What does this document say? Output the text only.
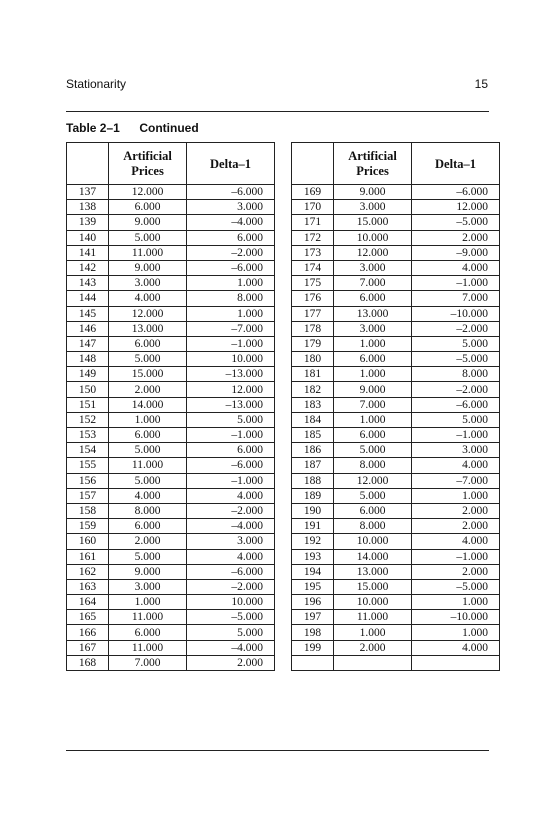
Stationarity	15
Table 2–1 Continued

	Artificial
Prices	Delta–1
137	12.000	–6.000
138	6.000	3.000
139	9.000	–4.000
140	5.000	6.000
141	11.000	–2.000
142	9.000	–6.000
143	3.000	1.000
144	4.000	8.000
145	12.000	1.000
146	13.000	–7.000
147	6.000	–1.000
148	5.000	10.000
149	15.000	–13.000
150	2.000	12.000
151	14.000	–13.000
152	1.000	5.000
153	6.000	–1.000
154	5.000	6.000
155	11.000	–6.000
156	5.000	–1.000
157	4.000	4.000
158	8.000	–2.000
159	6.000	–4.000
160	2.000	3.000
161	5.000	4.000
162	9.000	–6.000
163	3.000	–2.000
164	1.000	10.000
165	11.000	–5.000
166	6.000	5.000
167	11.000	–4.000
168	7.000	2.000

	Artificial
Prices	Delta–1
169	9.000	–6.000
170	3.000	12.000
171	15.000	–5.000
172	10.000	2.000
173	12.000	–9.000
174	3.000	4.000
175	7.000	–1.000
176	6.000	7.000
177	13.000	–10.000
178	3.000	–2.000
179	1.000	5.000
180	6.000	–5.000
181	1.000	8.000
182	9.000	–2.000
183	7.000	–6.000
184	1.000	5.000
185	6.000	–1.000
186	5.000	3.000
187	8.000	4.000
188	12.000	–7.000
189	5.000	1.000
190	6.000	2.000
191	8.000	2.000
192	10.000	4.000
193	14.000	–1.000
194	13.000	2.000
195	15.000	–5.000
196	10.000	1.000
197	11.000	–10.000
198	1.000	1.000
199	2.000	4.000
